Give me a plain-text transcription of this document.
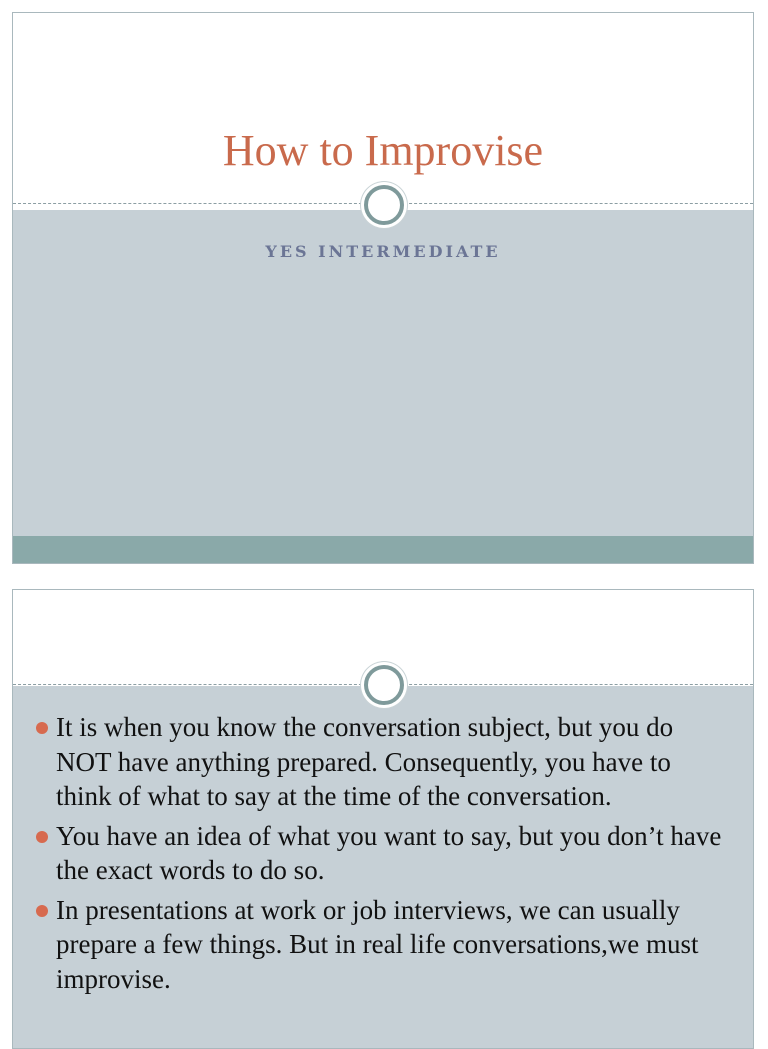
How to Improvise
YES INTERMEDIATE
It is when you know the conversation subject, but you do NOT have anything prepared. Consequently, you have to think of what to say at the time of the conversation.
You have an idea of what you want to say, but you don’t have the exact words to do so.
In presentations at work or job interviews, we can usually prepare a few things. But in real life conversations,we must improvise.
